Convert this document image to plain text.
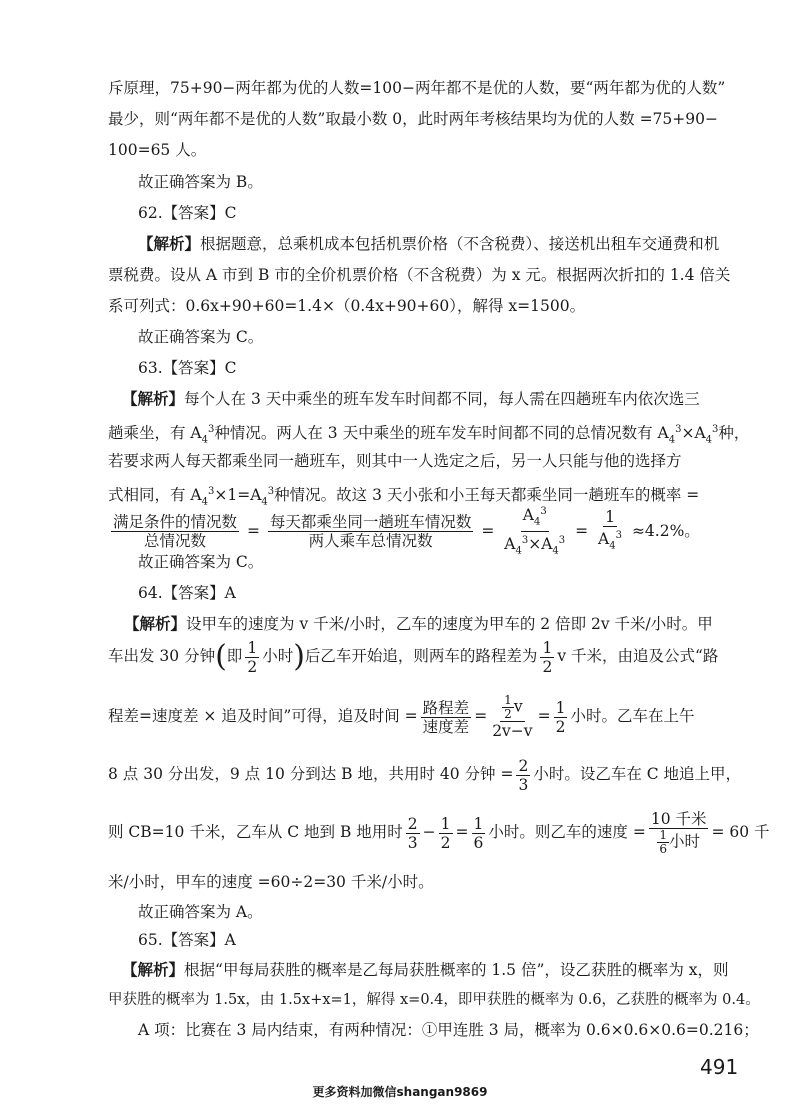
斥原理，75+90−两年都为优的人数=100−两年都不是优的人数，要“两年都为优的人数”
最少，则“两年都不是优的人数”取最小数 0，此时两年考核结果均为优的人数 =75+90−
100=65 人。
故正确答案为 B。
62.【答案】C
【解析】根据题意，总乘机成本包括机票价格（不含税费）、接送机出租车交通费和机
票税费。设从 A 市到 B 市的全价机票价格（不含税费）为 x 元。根据两次折扣的 1.4 倍关
系可列式：0.6x+90+60=1.4×（0.4x+90+60），解得 x=1500。
故正确答案为 C。
63.【答案】C
【解析】每个人在 3 天中乘坐的班车发车时间都不同，每人需在四趟班车内依次选三
趟乘坐，有 $A_4^3$种情况。两人在 3 天中乘坐的班车发车时间都不同的总情况数有 $A_4^3\times A_4^3$种，
若要求两人每天都乘坐同一趟班车，则其中一人选定之后，另一人只能与他的选择方
式相同，有 $A_4^3\times 1=A_4^3$种情况。故这 3 天小张和小王每天都乘坐同一趟班车的概率 =
$\frac{\text{满足条件的情况数}}{\text{总情况数}} = \frac{\text{每天都乘坐同一趟班车情况数}}{\text{两人乘车总情况数}} = \frac{A_4^3}{A_4^3\times A_4^3} = \frac{1}{A_4^3} \approx 4.2\%$。
故正确答案为 C。
64.【答案】A
【解析】设甲车的速度为 v 千米/小时，乙车的速度为甲车的 2 倍即 2v 千米/小时。甲
车出发 30 分钟(即 $\frac{1}{2}$ 小时)后乙车开始追，则两车的路程差为 $\frac{1}{2}$ v 千米，由追及公式“路
程差=速度差 × 追及时间”可得，追及时间 = $\frac{\text{路程差}}{\text{速度差}} = \frac{\frac{1}{2} v}{2v-v} = \frac{1}{2}$ 小时。乙车在上午
8 点 30 分出发，9 点 10 分到达 B 地，共用时 40 分钟 = $\frac{2}{3}$ 小时。设乙车在 C 地追上甲，
则 CB=10 千米，乙车从 C 地到 B 地用时 $\frac{2}{3} - \frac{1}{2} = \frac{1}{6}$ 小时。则乙车的速度 = $\frac{\text{10 千米}}{\frac{1}{6} 小时} = 60$ 千
米/小时，甲车的速度 =60÷2=30 千米/小时。
故正确答案为 A。
65.【答案】A
【解析】根据“甲每局获胜的概率是乙每局获胜概率的 1.5 倍”，设乙获胜的概率为 x，则
甲获胜的概率为 1.5x，由 1.5x+x=1，解得 x=0.4，即甲获胜的概率为 0.6，乙获胜的概率为 0.4。
A 项：比赛在 3 局内结束，有两种情况：①甲连胜 3 局，概率为 0.6×0.6×0.6=0.216；
491
更多资料加微信shangan9869
